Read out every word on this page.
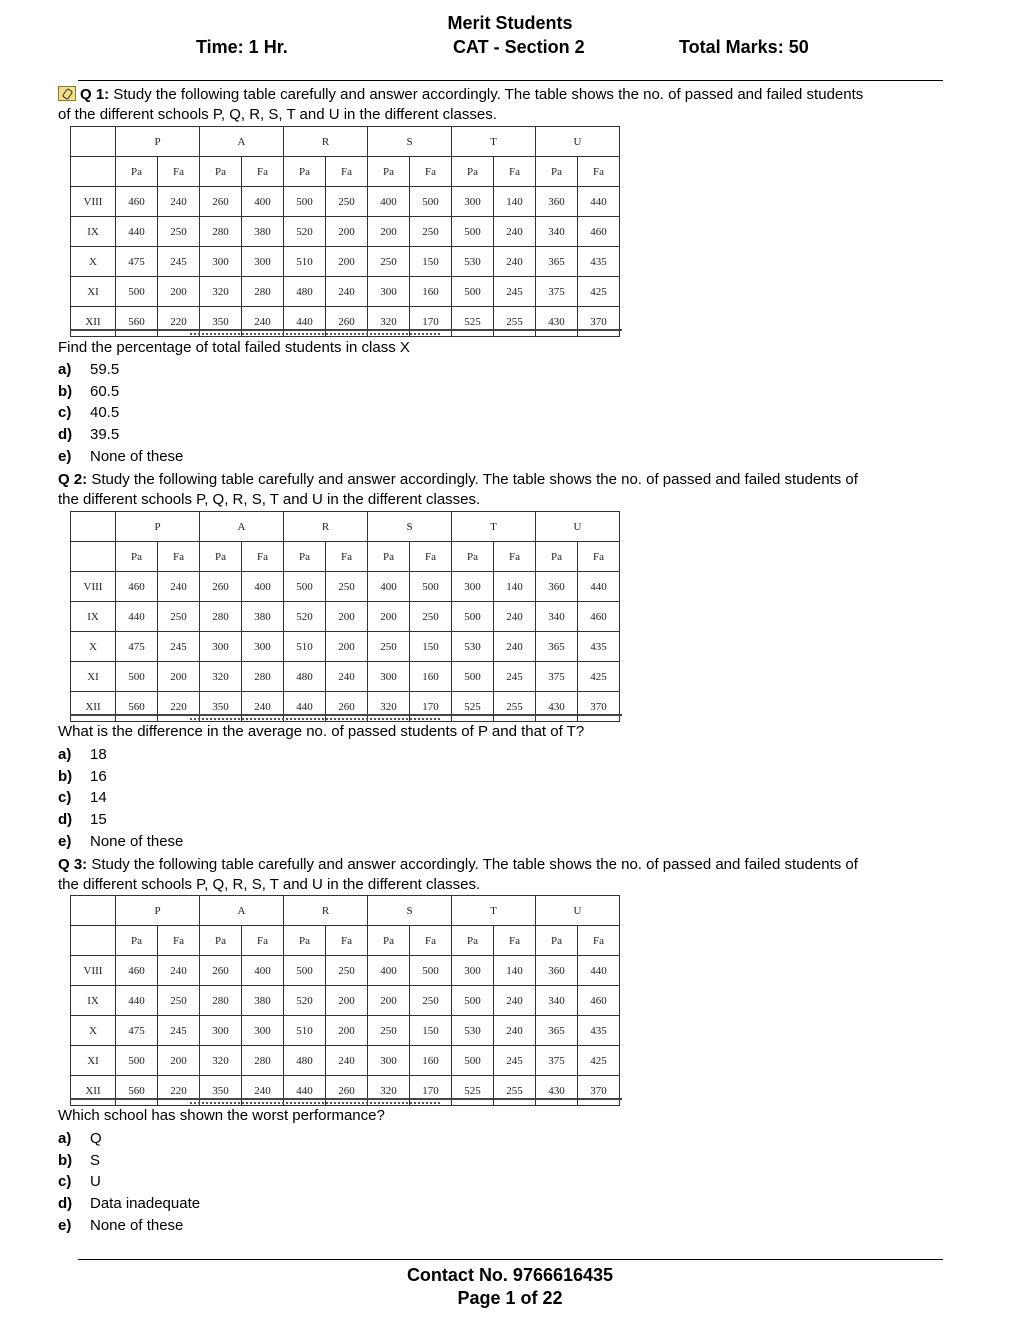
Merit Students
Time: 1 Hr.	CAT - Section 2	Total Marks: 50
Q 1: Study the following table carefully and answer accordingly. The table shows the no. of passed and failed students
of the different schools P, Q, R, S, T and U in the different classes.
	P		A		R		S		T		U	
	Pa	Fa	Pa	Fa	Pa	Fa	Pa	Fa	Pa	Fa	Pa	Fa
VIII	460	240	260	400	500	250	400	500	300	140	360	440
IX	440	250	280	380	520	200	200	250	500	240	340	460
X	475	245	300	300	510	200	250	150	530	240	365	435
XI	500	200	320	280	480	240	300	160	500	245	375	425
XII	560	220	350	240	440	260	320	170	525	255	430	370
Find the percentage of total failed students in class X
a) 59.5
b) 60.5
c) 40.5
d) 39.5
e) None of these
Q 2: Study the following table carefully and answer accordingly. The table shows the no. of passed and failed students of
the different schools P, Q, R, S, T and U in the different classes.
	P		A		R		S		T		U	
	Pa	Fa	Pa	Fa	Pa	Fa	Pa	Fa	Pa	Fa	Pa	Fa
VIII	460	240	260	400	500	250	400	500	300	140	360	440
IX	440	250	280	380	520	200	200	250	500	240	340	460
X	475	245	300	300	510	200	250	150	530	240	365	435
XI	500	200	320	280	480	240	300	160	500	245	375	425
XII	560	220	350	240	440	260	320	170	525	255	430	370
What is the difference in the average no. of passed students of P and that of T?
a) 18
b) 16
c) 14
d) 15
e) None of these
Q 3: Study the following table carefully and answer accordingly. The table shows the no. of passed and failed students of
the different schools P, Q, R, S, T and U in the different classes.
	P		A		R		S		T		U	
	Pa	Fa	Pa	Fa	Pa	Fa	Pa	Fa	Pa	Fa	Pa	Fa
VIII	460	240	260	400	500	250	400	500	300	140	360	440
IX	440	250	280	380	520	200	200	250	500	240	340	460
X	475	245	300	300	510	200	250	150	530	240	365	435
XI	500	200	320	280	480	240	300	160	500	245	375	425
XII	560	220	350	240	440	260	320	170	525	255	430	370
Which school has shown the worst performance?
a) Q
b) S
c) U
d) Data inadequate
e) None of these
Contact No. 9766616435
Page 1 of 22
